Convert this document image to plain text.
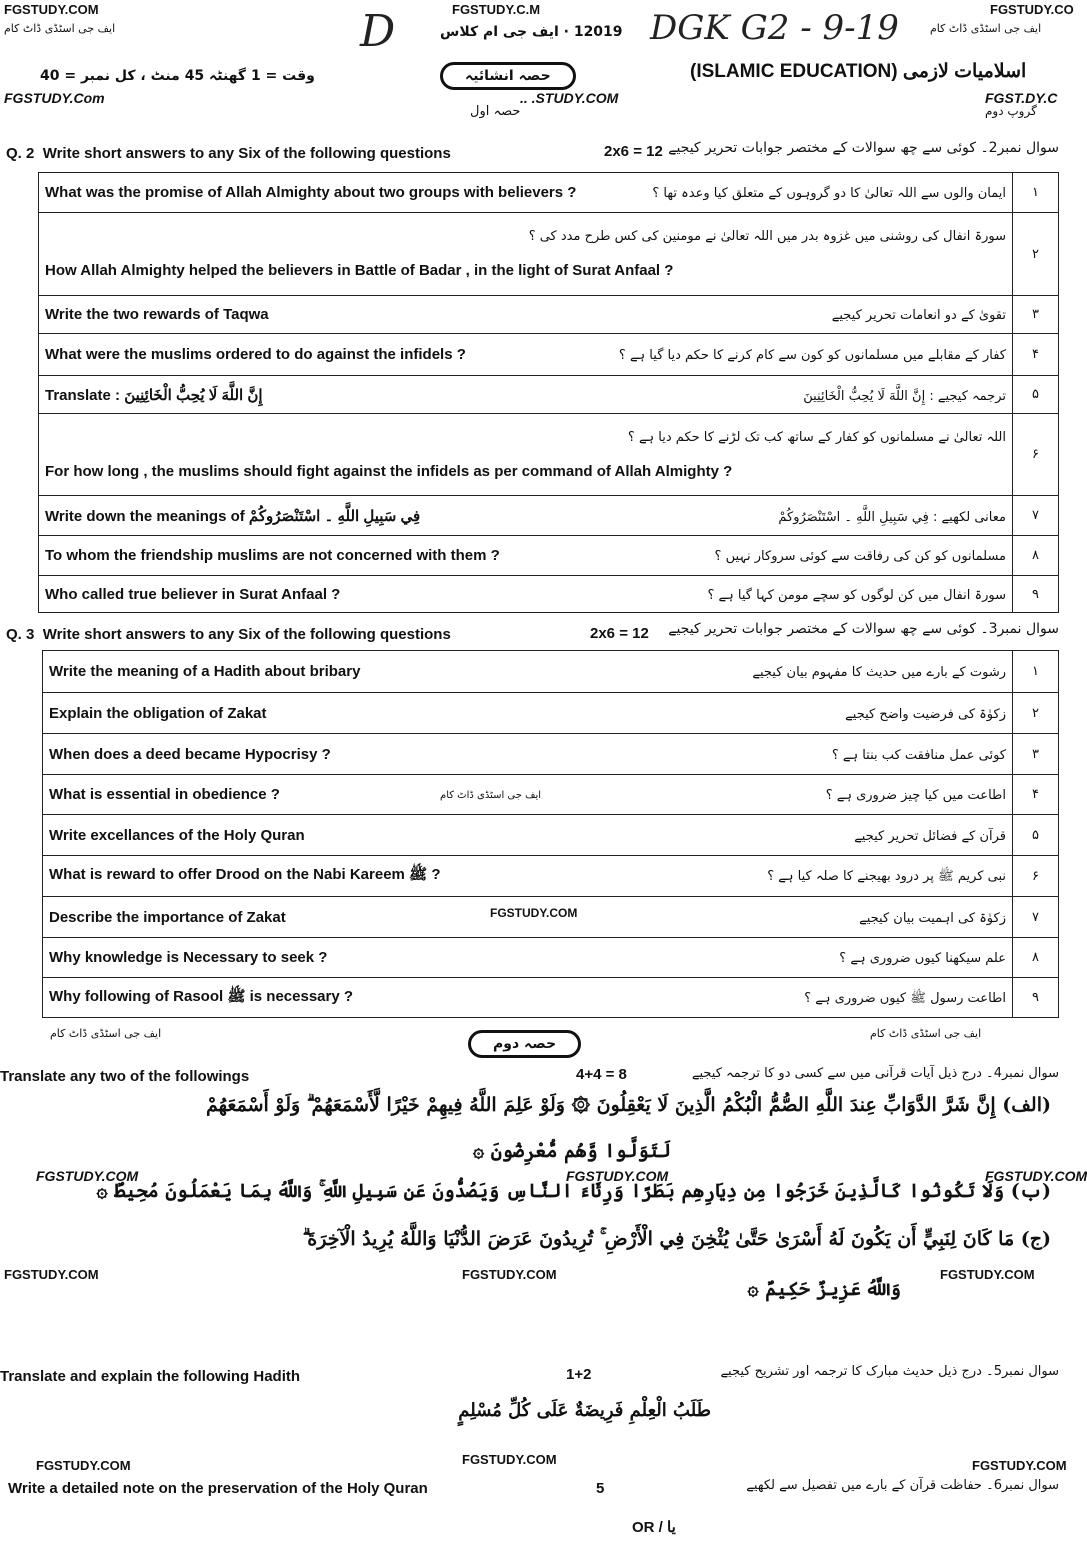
FGSTUDY.COM	FGSTUDY.C.M	FGSTUDY.CO
FGSTUDY.Com	.. .STUDY.COM	FGST.DY.C
FGSTUDY.COM
FGSTUDY.COM	FGSTUDY.COM	FGSTUDY.COM
FGSTUDY.COM	FGSTUDY.COM	FGSTUDY.COM
FGSTUDY.COM	FGSTUDY.COM	FGSTUDY.COM
ایف جی اسٹڈی ڈاٹ کام	ایف جی اسٹڈی ڈاٹ کام
ایف جی اسٹڈی ڈاٹ کام
ایف جی اسٹڈی ڈاٹ کام	ایف جی اسٹڈی ڈاٹ کام
D	DGK G2 - 9-19
12019 · ایف جی ام کلاس
(ISLAMIC EDUCATION) اسلامیات لازمی
وقت = 1 گھنٹہ 45 منٹ ، کل نمبر = 40	حصہ انشائیہ
حصہ اول	گروپ دوم
Q. 2 Write short answers to any Six of the following questions	2x6 = 12 سوال نمبر2۔ کوئی سے چھ سوالات کے مختصر جوابات تحریر کیجیے
What was the promise of Allah Almighty about two groups with believers ? ایمان والوں سے اللہ تعالیٰ کا دو گروہوں کے متعلق کیا وعدہ تھا ؟	۱

سورۃ انفال کی روشنی میں غزوہ بدر میں اللہ تعالیٰ نے مومنین کی کس طرح مدد کی ؟
How Allah Almighty helped the believers in Battle of Badar , in the light of Surat Anfaal ?	۲

Write the two rewards of Taqwa تقویٰ کے دو انعامات تحریر کیجیے	۳

What were the muslims ordered to do against the infidels ? کفار کے مقابلے میں مسلمانوں کو کون سے کام کرنے کا حکم دیا گیا ہے ؟	۴

Translate : إِنَّ اللَّهَ لَا يُحِبُّ الْخَائِنِينَ ترجمہ کیجیے : إِنَّ اللَّهَ لَا يُحِبُّ الْخَائِنِينَ	۵

اللہ تعالیٰ نے مسلمانوں کو کفار کے ساتھ کب تک لڑنے کا حکم دیا ہے ؟
For how long , the muslims should fight against the infidels as per command of Allah Almighty ?	۶

Write down the meanings of فِي سَبِيلِ اللَّهِ ۔ اسْتَنْصَرُوكُمْ معانی لکھیے : فِي سَبِيلِ اللَّهِ ۔ اسْتَنْصَرُوكُمْ	۷

To whom the friendship muslims are not concerned with them ? مسلمانوں کو کن کی رفاقت سے کوئی سروکار نہیں ؟	۸

Who called true believer in Surat Anfaal ? سورۃ انفال میں کن لوگوں کو سچے مومن کہا گیا ہے ؟	۹
Q. 3 Write short answers to any Six of the following questions	2x6 = 12 سوال نمبر3۔ کوئی سے چھ سوالات کے مختصر جوابات تحریر کیجیے
Write the meaning of a Hadith about bribary رشوت کے بارے میں حدیث کا مفہوم بیان کیجیے	۱

Explain the obligation of Zakat زکوٰۃ کی فرضیت واضح کیجیے	۲

When does a deed became Hypocrisy ? کوئی عمل منافقت کب بنتا ہے ؟	۳

What is essential in obedience ? اطاعت میں کیا چیز ضروری ہے ؟	۴

Write excellances of the Holy Quran قرآن کے فضائل تحریر کیجیے	۵

What is reward to offer Drood on the Nabi Kareem ﷺ ? نبی کریم ﷺ پر درود بھیجنے کا صلہ کیا ہے ؟	۶

Describe the importance of Zakat زکوٰۃ کی اہمیت بیان کیجیے	۷

Why knowledge is Necessary to seek ? علم سیکھنا کیوں ضروری ہے ؟	۸

Why following of Rasool ﷺ is necessary ? اطاعت رسول ﷺ کیوں ضروری ہے ؟	۹
حصہ دوم
Translate any two of the followings	4+4 = 8	سوال نمبر4۔ درج ذیل آیات قرآنی میں سے کسی دو کا ترجمہ کیجیے
(الف) إِنَّ شَرَّ الدَّوَابِّ عِندَ اللَّهِ الصُّمُّ الْبُكْمُ الَّذِينَ لَا يَعْقِلُونَ ۞ وَلَوْ عَلِمَ اللَّهُ فِيهِمْ خَيْرًا لَّأَسْمَعَهُمْ ۗ وَلَوْ أَسْمَعَهُمْ
لَتَوَلَّوا وَّهُم مُّعْرِضُونَ ۞
(ب) وَلَا تَكُونُوا كَالَّذِينَ خَرَجُوا مِن دِيَارِهِم بَطَرًا وَرِئَاءَ النَّاسِ وَيَصُدُّونَ عَن سَبِيلِ اللَّهِ ۚ وَاللَّهُ بِمَا يَعْمَلُونَ مُحِيطٌ ۞
(ج) مَا كَانَ لِنَبِيٍّ أَن يَكُونَ لَهُ أَسْرَىٰ حَتَّىٰ يُثْخِنَ فِي الْأَرْضِ ۚ تُرِيدُونَ عَرَضَ الدُّنْيَا وَاللَّهُ يُرِيدُ الْآخِرَةَ ۗ
وَاللَّهُ عَزِيزٌ حَكِيمٌ ۞
Translate and explain the following Hadith	1+2	سوال نمبر5۔ درج ذیل حدیث مبارک کا ترجمہ اور تشریح کیجیے
طَلَبُ الْعِلْمِ فَرِيضَةٌ عَلَى كُلِّ مُسْلِمٍ
Write a detailed note on the preservation of the Holy Quran	5	سوال نمبر6۔ حفاظت قرآن کے بارے میں تفصیل سے لکھیے
OR / یا
